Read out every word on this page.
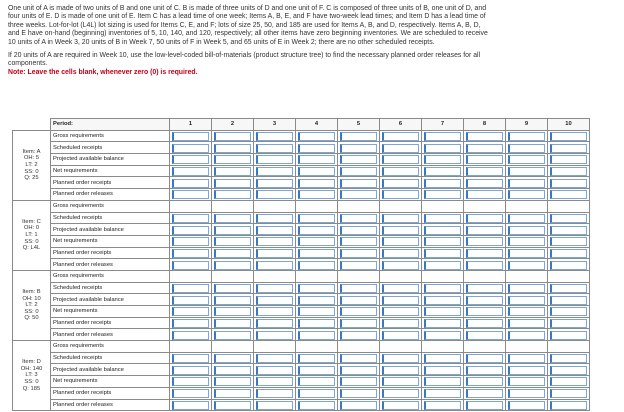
One unit of A is made of two units of B and one unit of C. B is made of three units of D and one unit of F. C is composed of three units of B, one unit of D, and four units of E. D is made of one unit of E. Item C has a lead time of one week; Items A, B, E, and F have two-week lead times; and Item D has a lead time of three weeks. Lot-for-lot (L4L) lot sizing is used for Items C, E, and F; lots of size 25, 50, and 185 are used for Items A, B, and D, respectively. Items A, B, D, and E have on-hand (beginning) inventories of 5, 10, 140, and 120, respectively; all other items have zero beginning inventories. We are scheduled to receive 10 units of A in Week 3, 20 units of B in Week 7, 50 units of F in Week 5, and 65 units of E in Week 2; there are no other scheduled receipts.

If 20 units of A are required in Week 10, use the low-level-coded bill-of-materials (product structure tree) to find the necessary planned order releases for all components.
Note: Leave the cells blank, whenever zero (0) is required.

	Period:	1	2	3	4	5	6	7	8	9	10

Item: A
OH: 5
LT: 2
SS: 0
Q: 25	Gross requirements	

	Scheduled receipts	

	Projected available balance	

	Net requirements	

	Planned order receipts	

	Planned order releases	

Item: C
OH: 0
LT: 1
SS: 0
Q: L4L	Gross requirements										
	Scheduled receipts	

	Projected available balance	

	Net requirements	

	Planned order receipts	

	Planned order releases	

Item: B
OH: 10
LT: 2
SS: 0
Q: 50	Gross requirements										
	Scheduled receipts	

	Projected available balance	

	Net requirements	

	Planned order receipts	

	Planned order releases	

Item: D
OH: 140
LT: 3
SS: 0
Q: 185	Gross requirements										
	Scheduled receipts	

	Projected available balance	

	Net requirements	

	Planned order receipts	

	Planned order releases	
